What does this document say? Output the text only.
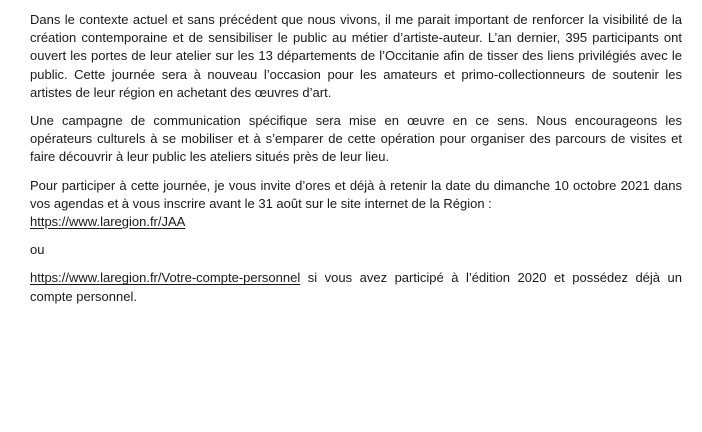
Dans le contexte actuel et sans précédent que nous vivons, il me parait important de renforcer la visibilité de la création contemporaine et de sensibiliser le public au métier d’artiste-auteur. L’an dernier, 395 participants ont ouvert les portes de leur atelier sur les 13 départements de l’Occitanie afin de tisser des liens privilégiés avec le public. Cette journée sera à nouveau l’occasion pour les amateurs et primo-collectionneurs de soutenir les artistes de leur région en achetant des œuvres d’art.

Une campagne de communication spécifique sera mise en œuvre en ce sens. Nous encourageons les opérateurs culturels à se mobiliser et à s’emparer de cette opération pour organiser des parcours de visites et faire découvrir à leur public les ateliers situés près de leur lieu.

Pour participer à cette journée, je vous invite d’ores et déjà à retenir la date du dimanche 10 octobre 2021 dans vos agendas et à vous inscrire avant le 31 août sur le site internet de la Région :
https://www.laregion.fr/JAA

ou

https://www.laregion.fr/Votre-compte-personnel si vous avez participé à l’édition 2020 et possédez déjà un compte personnel.
